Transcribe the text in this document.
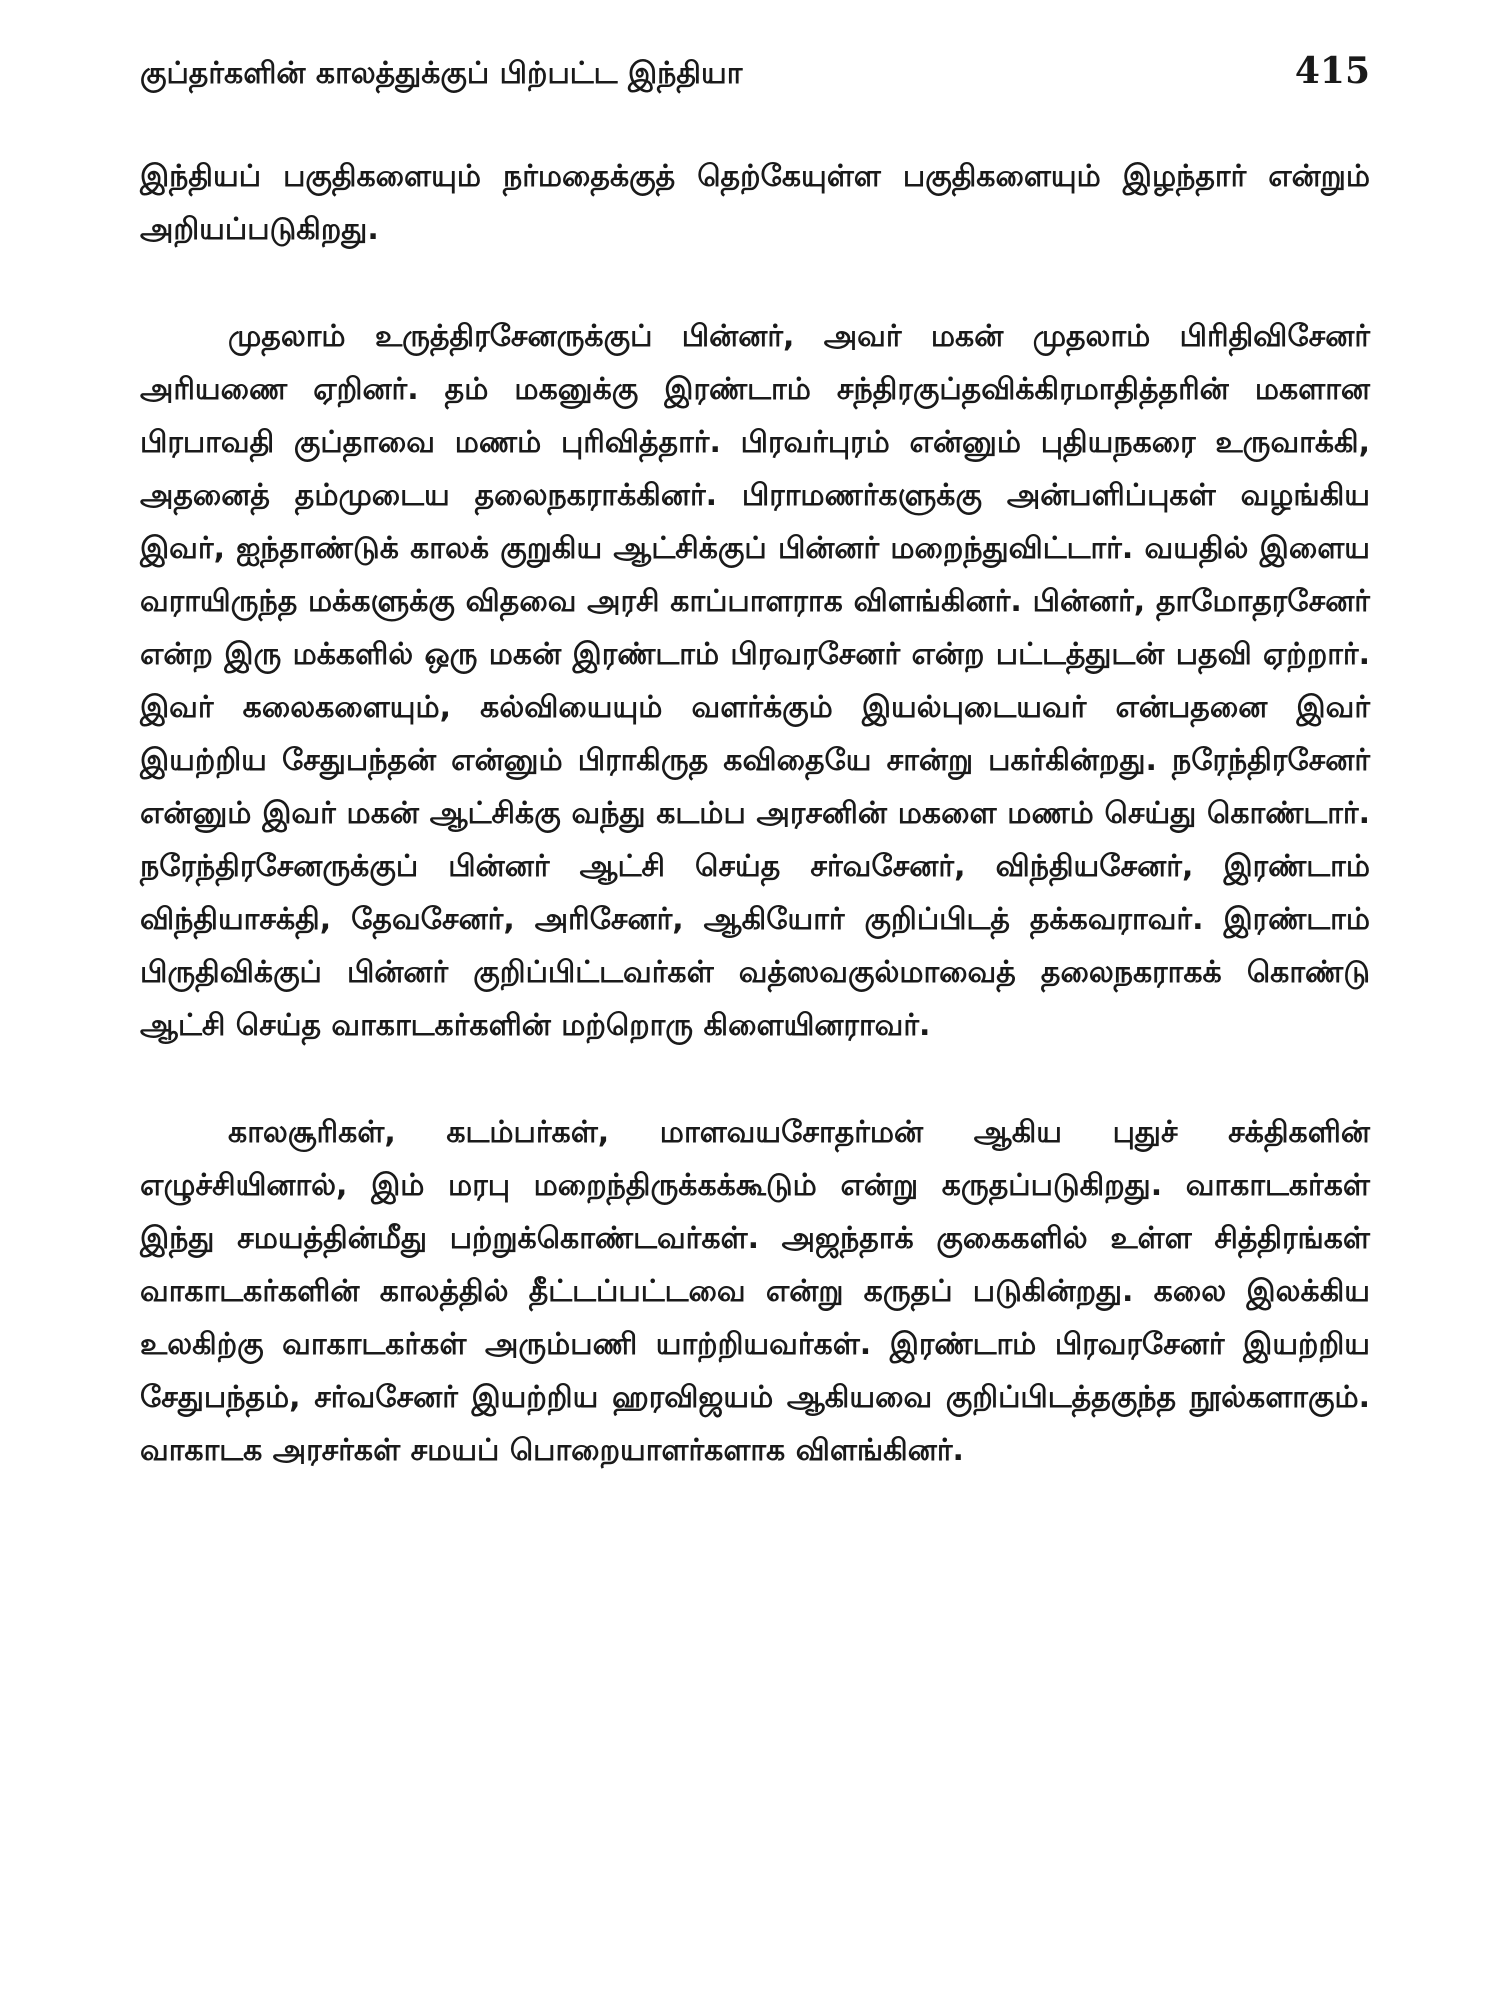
குப்தர்களின் காலத்துக்குப் பிற்பட்ட இந்தியா	415

இந்தியப் பகுதிகளையும் நர்மதைக்குத் தெற்கேயுள்ள பகுதிகளையும் இழந்தார் என்றும் அறியப்படுகிறது.

முதலாம் உருத்திரசேனருக்குப் பின்னர், அவர் மகன் முதலாம் பிரிதிவிசேனர் அரியணை ஏறினர். தம் மகனுக்கு இரண்டாம் சந்திரகுப்தவிக்கிரமாதித்தரின் மகளான பிரபாவதி குப்தாவை மணம் புரிவித்தார். பிரவர்புரம் என்னும் புதியநகரை உருவாக்கி, அதனைத் தம்முடைய தலைநகராக்கினர். பிராமணர்களுக்கு அன்பளிப்புகள் வழங்கிய இவர், ஐந்தாண்டுக் காலக் குறுகிய ஆட்சிக்குப் பின்னர் மறைந்துவிட்டார். வயதில் இளைய வராயிருந்த மக்களுக்கு விதவை அரசி காப்பாளராக விளங்கினர். பின்னர், தாமோதரசேனர் என்ற இரு மக்களில் ஒரு மகன் இரண்டாம் பிரவரசேனர் என்ற பட்டத்துடன் பதவி ஏற்றார். இவர் கலைகளையும், கல்வியையும் வளர்க்கும் இயல்புடையவர் என்பதனை இவர் இயற்றிய சேதுபந்தன் என்னும் பிராகிருத கவிதையே சான்று பகர்கின்றது. நரேந்திரசேனர் என்னும் இவர் மகன் ஆட்சிக்கு வந்து கடம்ப அரசனின் மகளை மணம் செய்து கொண்டார். நரேந்திரசேனருக்குப் பின்னர் ஆட்சி செய்த சர்வசேனர், விந்தியசேனர், இரண்டாம் விந்தியாசக்தி, தேவசேனர், அரிசேனர், ஆகியோர் குறிப்பிடத் தக்கவராவர். இரண்டாம் பிருதிவிக்குப் பின்னர் குறிப்பிட்டவர்கள் வத்ஸவகுல்மாவைத் தலைநகராகக் கொண்டு ஆட்சி செய்த வாகாடகர்களின் மற்றொரு கிளையினராவர்.

காலசூரிகள், கடம்பர்கள், மாளவயசோதர்மன் ஆகிய புதுச் சக்திகளின் எழுச்சியினால், இம் மரபு மறைந்திருக்கக்கூடும் என்று கருதப்படுகிறது. வாகாடகர்கள் இந்து சமயத்தின்மீது பற்றுக்கொண்டவர்கள். அஜந்தாக் குகைகளில் உள்ள சித்திரங்கள் வாகாடகர்களின் காலத்தில் தீட்டப்பட்டவை என்று கருதப் படுகின்றது. கலை இலக்கிய உலகிற்கு வாகாடகர்கள் அரும்பணி யாற்றியவர்கள். இரண்டாம் பிரவரசேனர் இயற்றிய சேதுபந்தம், சர்வசேனர் இயற்றிய ஹரவிஜயம் ஆகியவை குறிப்பிடத்தகுந்த நூல்களாகும். வாகாடக அரசர்கள் சமயப் பொறையாளர்களாக விளங்கினர்.
